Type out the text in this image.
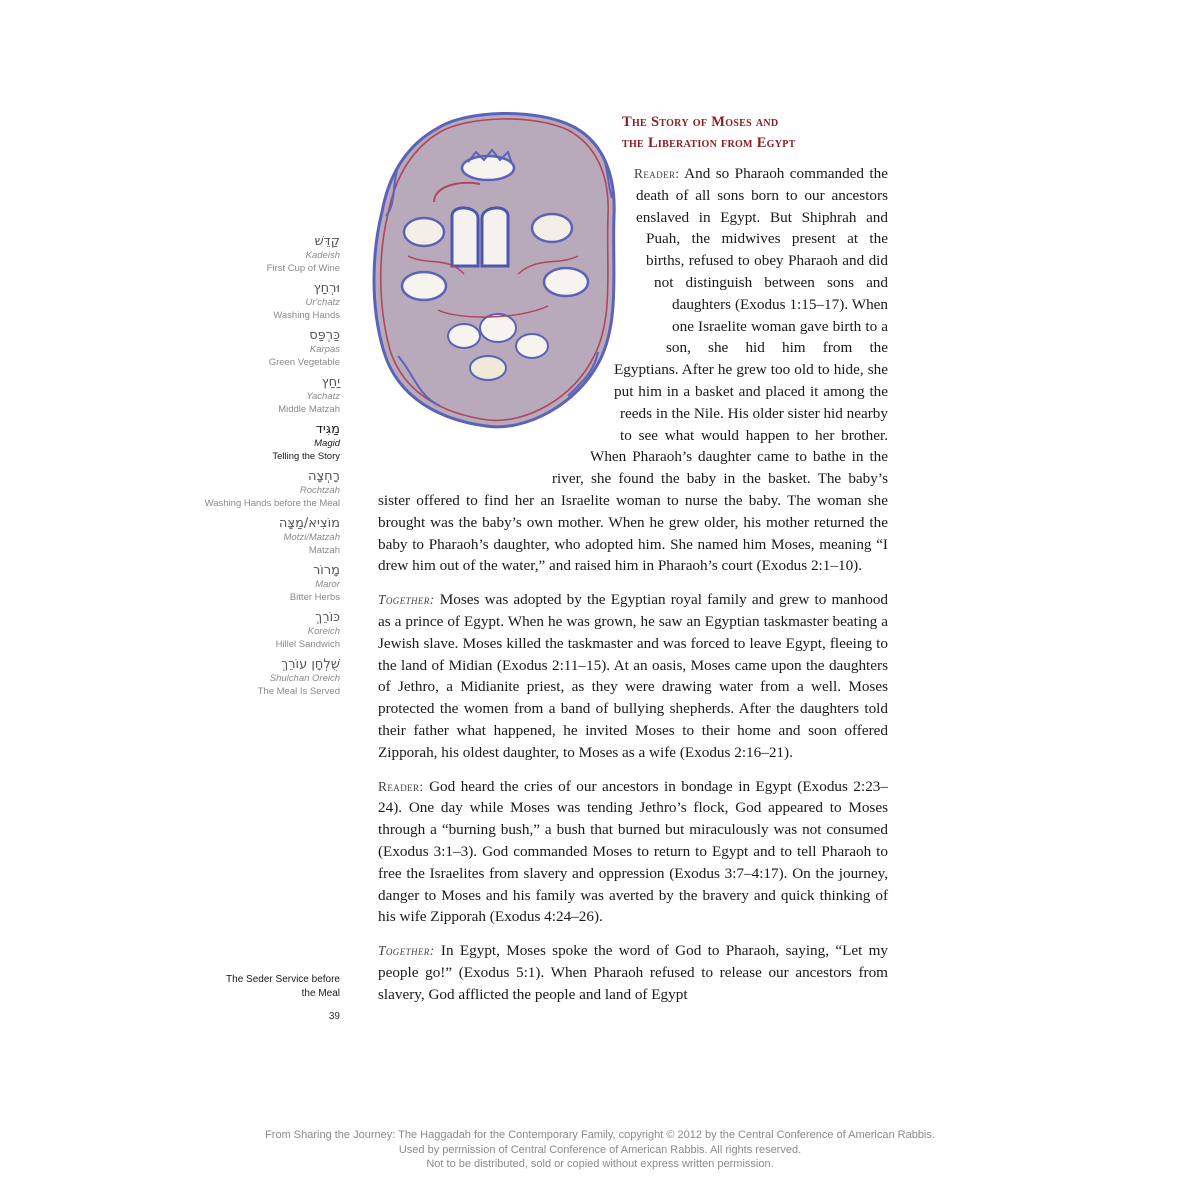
קַדֵּשׁ
Kadeish
First Cup of Wine
וּרְחַץ
Ur'chatz
Washing Hands
כַּרְפַּס
Karpas
Green Vegetable
יַחַץ
Yachatz
Middle Matzah
מַגִּיד
Magid
Telling the Story
רָחְצָה
Rochtzah
Washing Hands before the Meal
מוֹצִיא/מַצָּה
Motzi/Matzah
Matzah
מָרוֹר
Maror
Bitter Herbs
כּוֹרֵךְ
Koreich
Hillel Sandwich
שֻׁלְחָן עוֹרֵךְ
Shulchan Oreich
The Meal Is Served
The Seder Service before the Meal
39
The Story of Moses and
the Liberation from Egypt

Reader: And so Pharaoh commanded the death of all sons born to our ancestors enslaved in Egypt. But Shiphrah and Puah, the midwives present at the births, refused to obey Pharaoh and did not distinguish between sons and daughters (Exodus 1:15–17). When one Israelite woman gave birth to a son, she hid him from the Egyptians. After he grew too old to hide, she put him in a basket and placed it among the reeds in the Nile. His older sister hid nearby to see what would happen to her brother. When Pharaoh’s daughter came to bathe in the river, she found the baby in the basket. The baby’s sister offered to find her an Israelite woman to nurse the baby. The woman she brought was the baby’s own mother. When he grew older, his mother returned the baby to Pharaoh’s daughter, who adopted him. She named him Moses, meaning “I drew him out of the water,” and raised him in Pharaoh’s court (Exodus 2:1–10).

Together: Moses was adopted by the Egyptian royal family and grew to manhood as a prince of Egypt. When he was grown, he saw an Egyptian taskmaster beating a Jewish slave. Moses killed the taskmaster and was forced to leave Egypt, fleeing to the land of Midian (Exodus 2:11–15). At an oasis, Moses came upon the daughters of Jethro, a Midianite priest, as they were drawing water from a well. Moses protected the women from a band of bullying shepherds. After the daughters told their father what happened, he invited Moses to their home and soon offered Zipporah, his oldest daughter, to Moses as a wife (Exodus 2:16–21).

Reader: God heard the cries of our ancestors in bondage in Egypt (Exodus 2:23–24). One day while Moses was tending Jethro’s flock, God appeared to Moses through a “burning bush,” a bush that burned but miraculously was not consumed (Exodus 3:1–3). God commanded Moses to return to Egypt and to tell Pharaoh to free the Israelites from slavery and oppression (Exodus 3:7–4:17). On the journey, danger to Moses and his family was averted by the bravery and quick thinking of his wife Zipporah (Exodus 4:24–26).

Together: In Egypt, Moses spoke the word of God to Pharaoh, saying, “Let my people go!” (Exodus 5:1). When Pharaoh refused to release our ancestors from slavery, God afflicted the people and land of Egypt

From Sharing the Journey: The Haggadah for the Contemporary Family, copyright © 2012 by the Central Conference of American Rabbis.
Used by permission of Central Conference of American Rabbis. All rights reserved.
Not to be distributed, sold or copied without express written permission.
